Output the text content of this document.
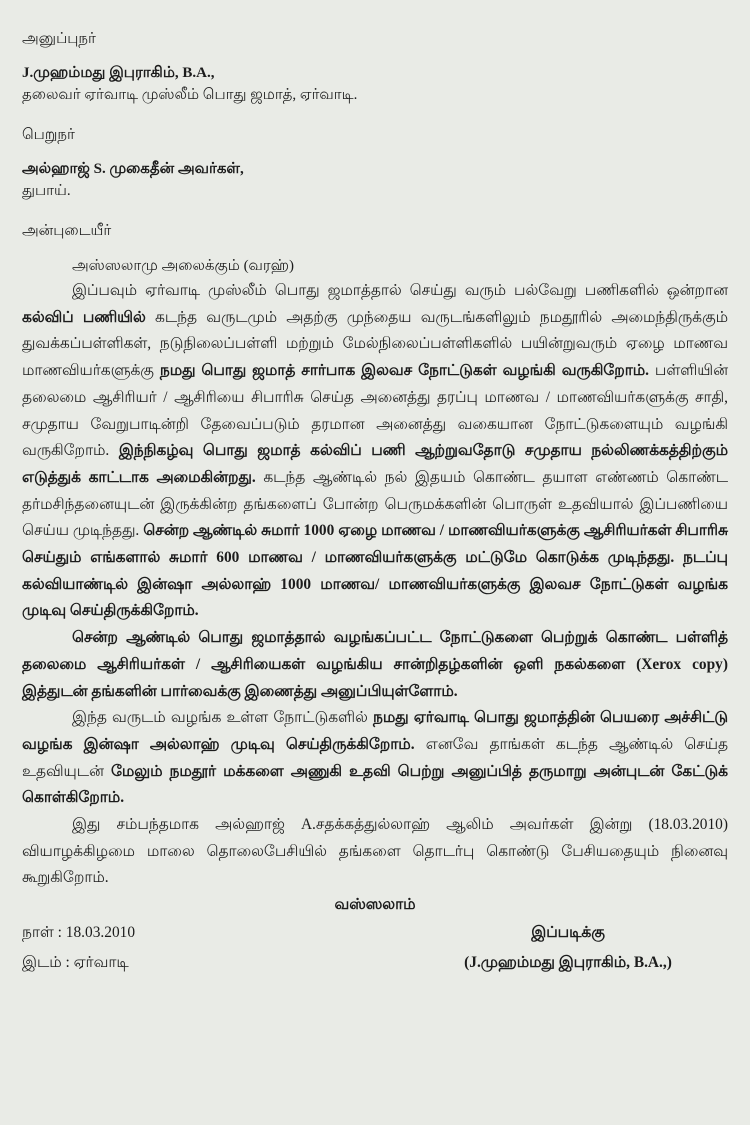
அனுப்புநர்

J.முஹம்மது இபுராகிம், B.A.,

தலைவர் ஏர்வாடி முஸ்லீம் பொது ஜமாத், ஏர்வாடி.

பெறுநர்

அல்ஹாஜ் S. முகைதீன் அவர்கள்,

துபாய்.

அன்புடையீர்

அஸ்ஸலாமு அலைக்கும் (வரஹ்)

இப்பவும் ஏர்வாடி முஸ்லீம் பொது ஜமாத்தால் செய்து வரும் பல்வேறு பணிகளில் ஒன்றான கல்விப் பணியில் கடந்த வருடமும் அதற்கு முந்தைய வருடங்களிலும் நமதூரில் அமைந்திருக்கும் துவக்கப்பள்ளிகள், நடுநிலைப்பள்ளி மற்றும் மேல்நிலைப்பள்ளிகளில் பயின்றுவரும் ஏழை மாணவ மாணவியர்களுக்கு நமது பொது ஜமாத் சார்பாக இலவச நோட்டுகள் வழங்கி வருகிறோம். பள்ளியின் தலைமை ஆசிரியர் / ஆசிரியை சிபாரிசு செய்த அனைத்து தரப்பு மாணவ / மாணவியர்களுக்கு சாதி, சமுதாய வேறுபாடின்றி தேவைப்படும் தரமான அனைத்து வகையான நோட்டுகளையும் வழங்கி வருகிறோம். இந்நிகழ்வு பொது ஜமாத் கல்விப் பணி ஆற்றுவதோடு சமுதாய நல்லிணக்கத்திற்கும் எடுத்துக் காட்டாக அமைகின்றது. கடந்த ஆண்டில் நல் இதயம் கொண்ட தயாள எண்ணம் கொண்ட தர்மசிந்தனையுடன் இருக்கின்ற தங்களைப் போன்ற பெருமக்களின் பொருள் உதவியால் இப்பணியை செய்ய முடிந்தது. சென்ற ஆண்டில் சுமார் 1000 ஏழை மாணவ / மாணவியர்களுக்கு ஆசிரியர்கள் சிபாரிசு செய்தும் எங்களால் சுமார் 600 மாணவ / மாணவியர்களுக்கு மட்டுமே கொடுக்க முடிந்தது. நடப்பு கல்வியாண்டில் இன்ஷா அல்லாஹ் 1000 மாணவ/ மாணவியர்களுக்கு இலவச நோட்டுகள் வழங்க முடிவு செய்திருக்கிறோம்.

சென்ற ஆண்டில் பொது ஜமாத்தால் வழங்கப்பட்ட நோட்டுகளை பெற்றுக் கொண்ட பள்ளித் தலைமை ஆசிரியர்கள் / ஆசிரியைகள் வழங்கிய சான்றிதழ்களின் ஒளி நகல்களை (Xerox copy) இத்துடன் தங்களின் பார்வைக்கு இணைத்து அனுப்பியுள்ளோம்.

இந்த வருடம் வழங்க உள்ள நோட்டுகளில் நமது ஏர்வாடி பொது ஜமாத்தின் பெயரை அச்சிட்டு வழங்க இன்ஷா அல்லாஹ் முடிவு செய்திருக்கிறோம். எனவே தாங்கள் கடந்த ஆண்டில் செய்த உதவியுடன் மேலும் நமதூர் மக்களை அணுகி உதவி பெற்று அனுப்பித் தருமாறு அன்புடன் கேட்டுக் கொள்கிறோம்.

இது சம்பந்தமாக அல்ஹாஜ் A.சதக்கத்துல்லாஹ் ஆலிம் அவர்கள் இன்று (18.03.2010) வியாழக்கிழமை மாலை தொலைபேசியில் தங்களை தொடர்பு கொண்டு பேசியதையும் நினைவு கூறுகிறோம்.

வஸ்ஸலாம்

நாள் : 18.03.2010	இப்படிக்கு
இடம் : ஏர்வாடி	(J.முஹம்மது இபுராகிம், B.A.,)
